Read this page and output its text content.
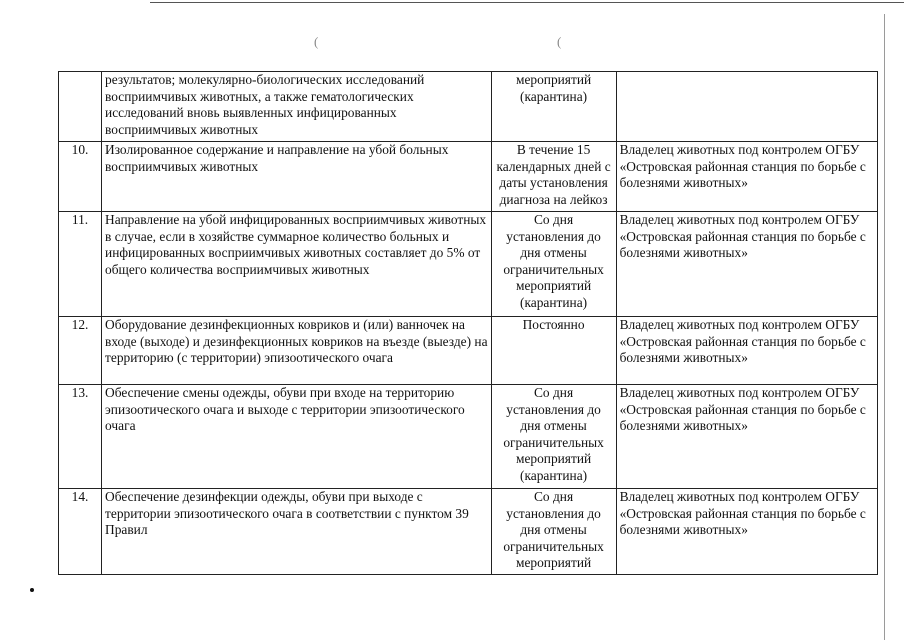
(	(
	результатов; молекулярно-биологических исследований восприимчивых животных, а также гематологических исследований вновь выявленных инфицированных восприимчивых животных	мероприятий (карантина)	
10.	Изолированное содержание и направление на убой больных восприимчивых животных	В течение 15 календарных дней с даты установления диагноза на лейкоз	Владелец животных под контролем ОГБУ «Островская районная станция по борьбе с болезнями животных»
11.	Направление на убой инфицированных восприимчивых животных в случае, если в хозяйстве суммарное количество больных и инфицированных восприимчивых животных составляет до 5% от общего количества восприимчивых животных	Со дня установления до дня отмены ограничительных мероприятий (карантина)	Владелец животных под контролем ОГБУ «Островская районная станция по борьбе с болезнями животных»
12.	Оборудование дезинфекционных ковриков и (или) ванночек на входе (выходе) и дезинфекционных ковриков на въезде (выезде) на территорию (с территории) эпизоотического очага	Постоянно	Владелец животных под контролем ОГБУ «Островская районная станция по борьбе с болезнями животных»
13.	Обеспечение смены одежды, обуви при входе на территорию эпизоотического очага и выходе с территории эпизоотического очага	Со дня установления до дня отмены ограничительных мероприятий (карантина)	Владелец животных под контролем ОГБУ «Островская районная станция по борьбе с болезнями животных»
14.	Обеспечение дезинфекции одежды, обуви при выходе с территории эпизоотического очага в соответствии с пунктом 39 Правил	Со дня установления до дня отмены ограничительных мероприятий	Владелец животных под контролем ОГБУ «Островская районная станция по борьбе с болезнями животных»
